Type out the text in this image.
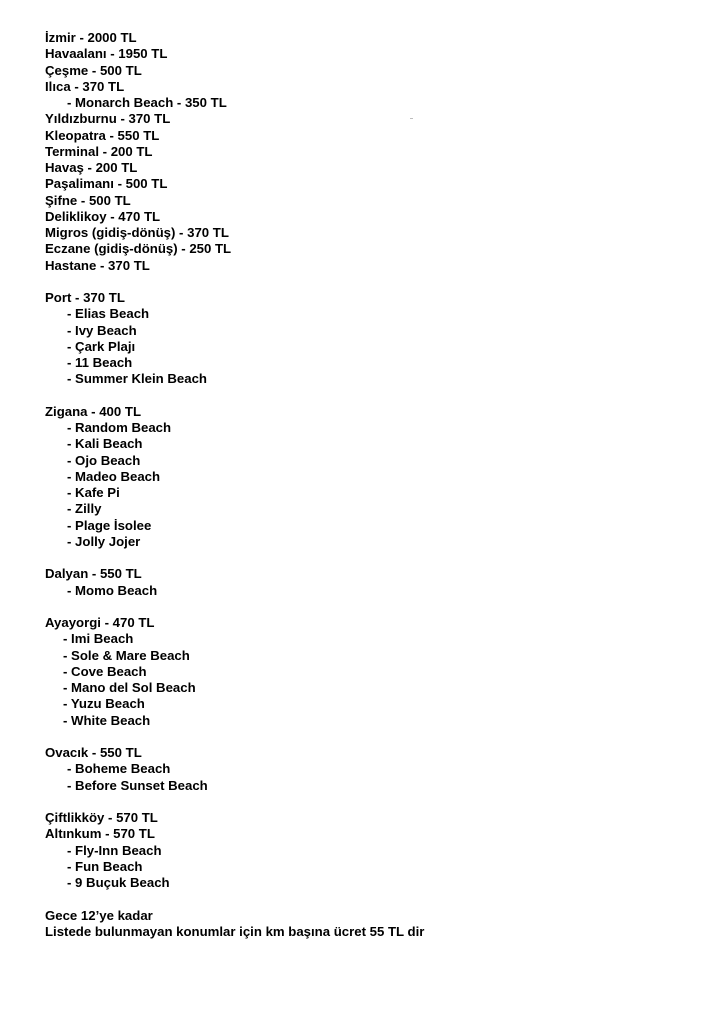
İzmir - 2000 TL
Havaalanı - 1950 TL
Çeşme - 500 TL
Ilıca - 370 TL
- Monarch Beach - 350 TL
Yıldızburnu - 370 TL
Kleopatra - 550 TL
Terminal - 200 TL
Havaş - 200 TL
Paşalimanı - 500 TL
Şifne - 500 TL
Deliklikoy - 470 TL
Migros (gidiş-dönüş) - 370 TL
Eczane (gidiş-dönüş) - 250 TL
Hastane - 370 TL
Port - 370 TL
- Elias Beach
- Ivy Beach
- Çark Plajı
- 11 Beach
- Summer Klein Beach
Zigana - 400 TL
- Random Beach
- Kali Beach
- Ojo Beach
- Madeo Beach
- Kafe Pi
- Zilly
- Plage İsolee
- Jolly Jojer
Dalyan - 550 TL
- Momo Beach
Ayayorgi - 470 TL
- Imi Beach
- Sole & Mare Beach
- Cove Beach
- Mano del Sol Beach
- Yuzu Beach
- White Beach
Ovacık - 550 TL
- Boheme Beach
- Before Sunset Beach
Çiftlikköy - 570 TL
Altınkum - 570 TL
- Fly-Inn Beach
- Fun Beach
- 9 Buçuk Beach
Gece 12’ye kadar
Listede bulunmayan konumlar için km başına ücret 55 TL dir
